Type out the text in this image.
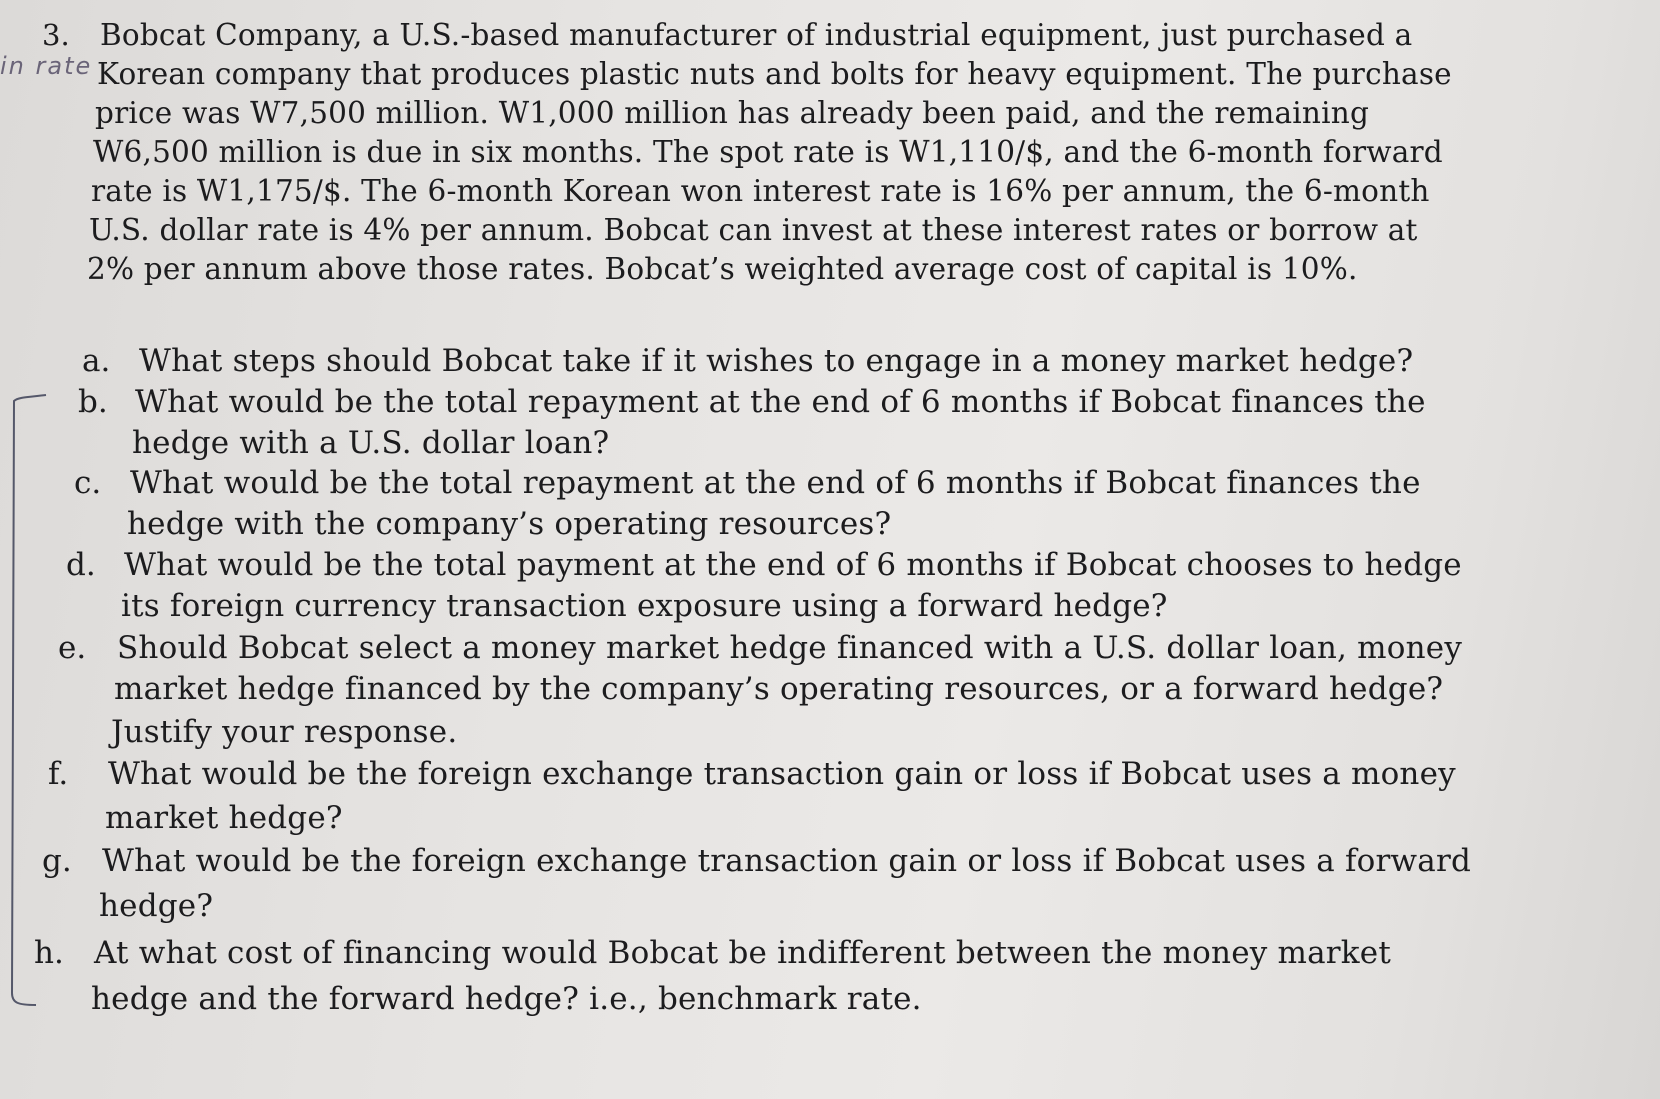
in rate
3. Bobcat Company, a U.S.-based manufacturer of industrial equipment, just purchased a
Korean company that produces plastic nuts and bolts for heavy equipment. The purchase
price was W7,500 million. W1,000 million has already been paid, and the remaining
W6,500 million is due in six months. The spot rate is W1,110/$, and the 6-month forward
rate is W1,175/$. The 6-month Korean won interest rate is 16% per annum, the 6-month
U.S. dollar rate is 4% per annum. Bobcat can invest at these interest rates or borrow at
2% per annum above those rates. Bobcat’s weighted average cost of capital is 10%.
a. What steps should Bobcat take if it wishes to engage in a money market hedge?
b. What would be the total repayment at the end of 6 months if Bobcat finances the
hedge with a U.S. dollar loan?
c. What would be the total repayment at the end of 6 months if Bobcat finances the
hedge with the company’s operating resources?
d. What would be the total payment at the end of 6 months if Bobcat chooses to hedge
its foreign currency transaction exposure using a forward hedge?
e. Should Bobcat select a money market hedge financed with a U.S. dollar loan, money
market hedge financed by the company’s operating resources, or a forward hedge?
Justify your response.
f. What would be the foreign exchange transaction gain or loss if Bobcat uses a money
market hedge?
g. What would be the foreign exchange transaction gain or loss if Bobcat uses a forward
hedge?
h. At what cost of financing would Bobcat be indifferent between the money market
hedge and the forward hedge? i.e., benchmark rate.
